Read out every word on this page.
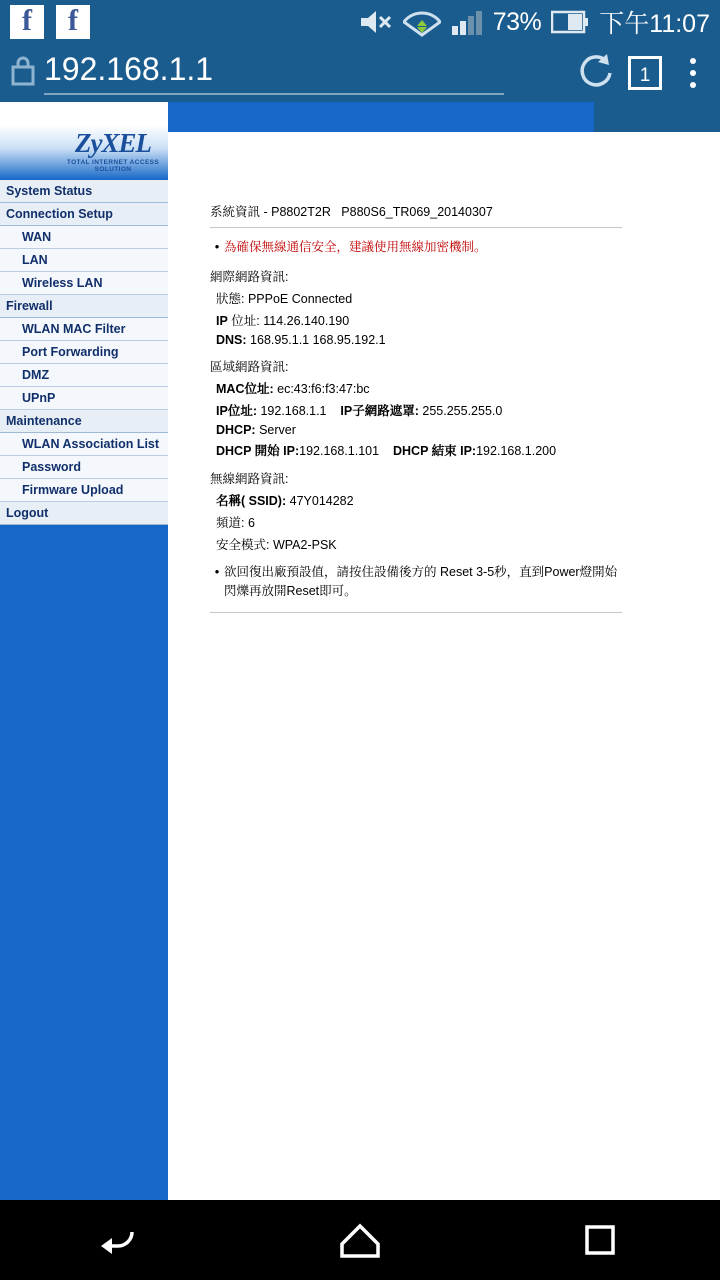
f	f	73% 下午11:07
192.168.1.1	1
ZyXEL
TOTAL INTERNET ACCESS SOLUTION
System Status
Connection Setup
WAN
LAN
Wireless LAN
Firewall
WLAN MAC Filter
Port Forwarding
DMZ
UPnP
Maintenance
WLAN Association List
Password
Firmware Upload
Logout
系統資訊 - P8802T2R   P880S6_TR069_20140307
• 為確保無線通信安全，建議使用無線加密機制。
網際網路資訊:
狀態: PPPoE Connected
IP 位址: 114.26.140.190
DNS: 168.95.1.1 168.95.192.1
區域網路資訊:
MAC位址: ec:43:f6:f3:47:bc
IP位址: 192.168.1.1 IP子網路遮罩: 255.255.255.0
DHCP: Server
DHCP 開始 IP:192.168.1.101 DHCP 結束 IP:192.168.1.200
無線網路資訊:
名稱( SSID): 47Y014282
頻道: 6
安全模式: WPA2-PSK
• 欲回復出廠預設值，請按住設備後方的 Reset 3-5秒，直到Power燈開始閃爍再放開Reset即可。
